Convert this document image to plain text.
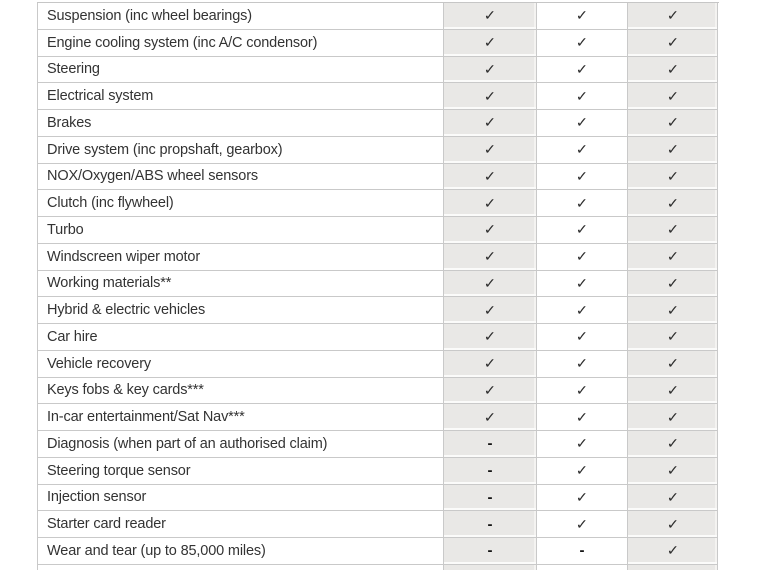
Suspension (inc wheel bearings)	✓	✓	✓
Engine cooling system (inc A/C condensor)	✓	✓	✓
Steering	✓	✓	✓
Electrical system	✓	✓	✓
Brakes	✓	✓	✓
Drive system (inc propshaft, gearbox)	✓	✓	✓
NOX/Oxygen/ABS wheel sensors	✓	✓	✓
Clutch (inc flywheel)	✓	✓	✓
Turbo	✓	✓	✓
Windscreen wiper motor	✓	✓	✓
Working materials**	✓	✓	✓
Hybrid & electric vehicles	✓	✓	✓
Car hire	✓	✓	✓
Vehicle recovery	✓	✓	✓
Keys fobs & key cards***	✓	✓	✓
In-car entertainment/Sat Nav***	✓	✓	✓
Diagnosis (when part of an authorised claim)	-	✓	✓
Steering torque sensor	-	✓	✓
Injection sensor	-	✓	✓
Starter card reader	-	✓	✓
Wear and tear (up to 85,000 miles)	-	-	✓
